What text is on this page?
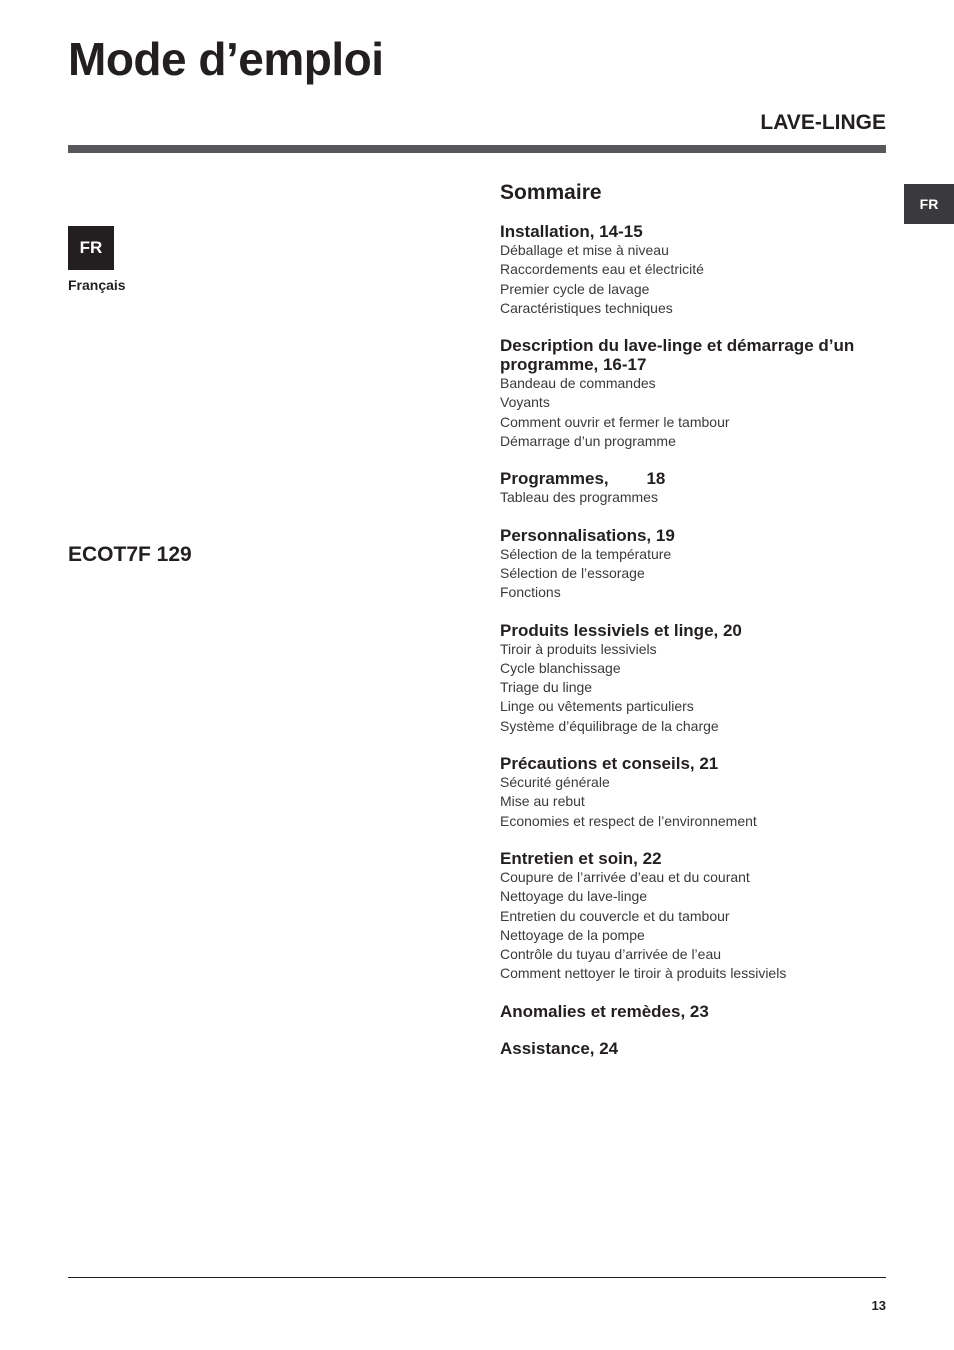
Mode d’emploi
LAVE-LINGE
FR
FR
Français
ECOT7F 129
Sommaire
Installation, 14-15
Déballage et mise à niveau
Raccordements eau et électricité
Premier cycle de lavage
Caractéristiques techniques
Description du lave-linge et démarrage d’un programme, 16-17
Bandeau de commandes
Voyants
Comment ouvrir et fermer le tambour
Démarrage d’un programme
Programmes,        18
Tableau des programmes
Personnalisations, 19
Sélection de la température
Sélection de l’essorage
Fonctions
Produits lessiviels et linge, 20
Tiroir à produits lessiviels
Cycle blanchissage
Triage du linge
Linge ou vêtements particuliers
Système d’équilibrage de la charge
Précautions et conseils, 21
Sécurité générale
Mise au rebut
Economies et respect de l’environnement
Entretien et soin, 22
Coupure de l’arrivée d’eau et du courant
Nettoyage du lave-linge
Entretien du couvercle et du tambour
Nettoyage de la pompe
Contrôle du tuyau d’arrivée de l’eau
Comment nettoyer le tiroir à produits lessiviels
Anomalies et remèdes, 23
Assistance, 24
13
